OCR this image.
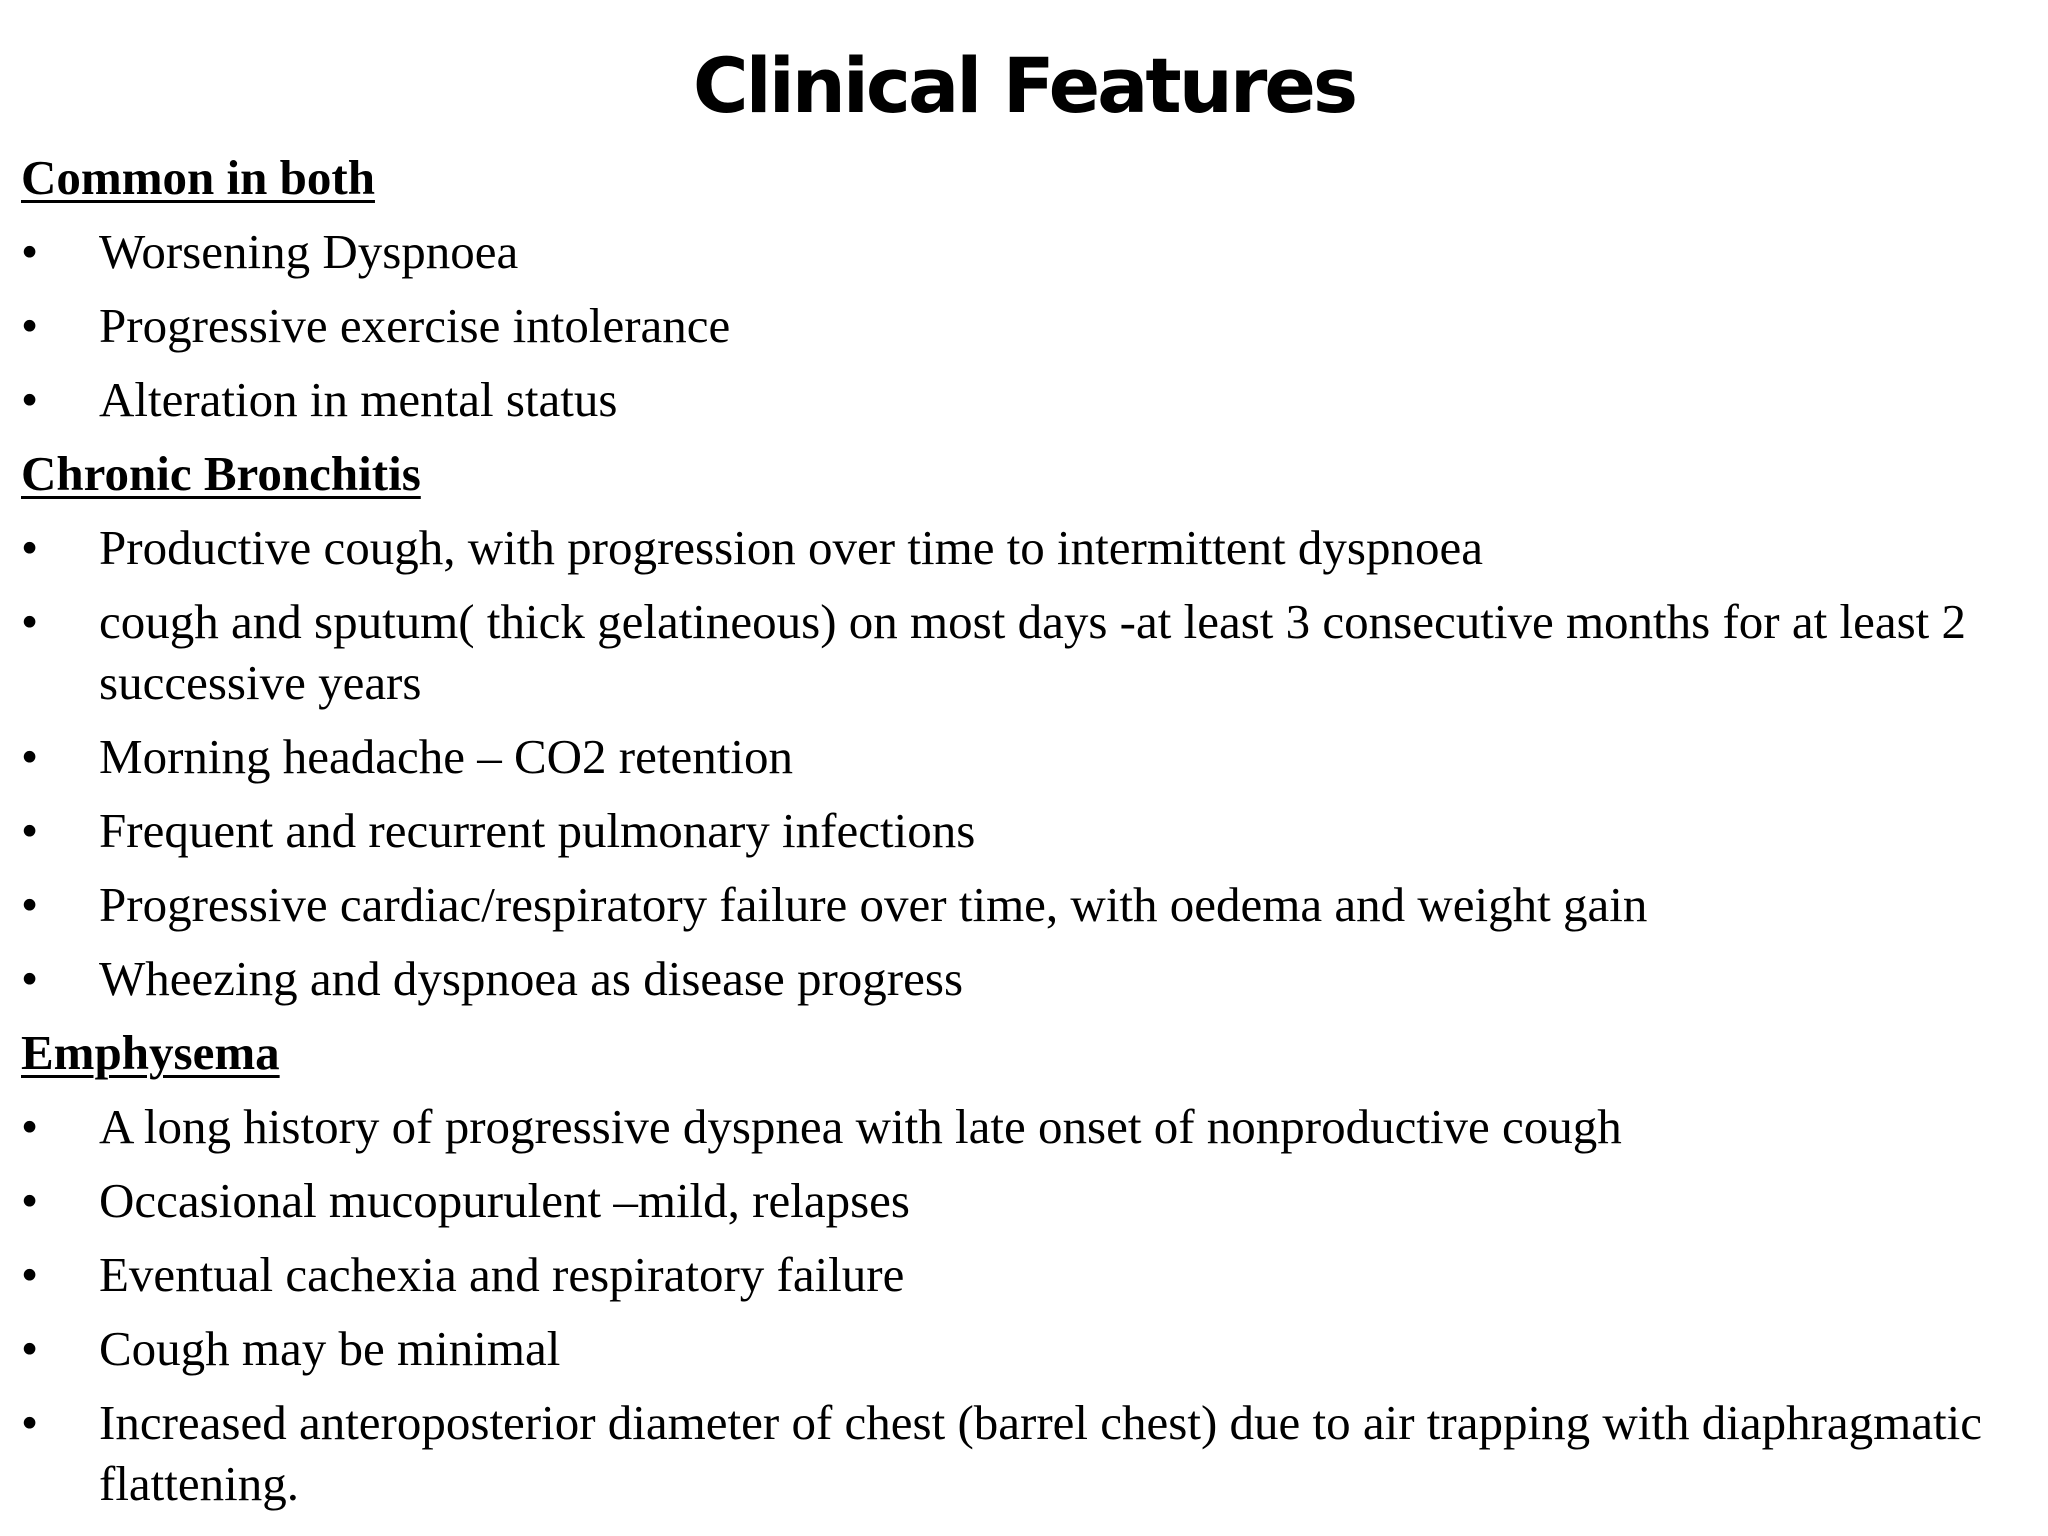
Clinical Features
Common in both
• Worsening Dyspnoea
• Progressive exercise intolerance
• Alteration in mental status
Chronic Bronchitis
• Productive cough, with progression over time to intermittent dyspnoea
• cough and sputum( thick gelatineous) on most days -at least 3 consecutive months for at least 2 successive years
• Morning headache – CO2 retention
• Frequent and recurrent pulmonary infections
• Progressive cardiac/respiratory failure over time, with oedema and weight gain
• Wheezing and dyspnoea as disease progress
Emphysema
• A long history of progressive dyspnea with late onset of nonproductive cough
• Occasional mucopurulent –mild, relapses
• Eventual cachexia and respiratory failure
• Cough may be minimal
• Increased anteroposterior diameter of chest (barrel chest) due to air trapping with diaphragmatic flattening.
